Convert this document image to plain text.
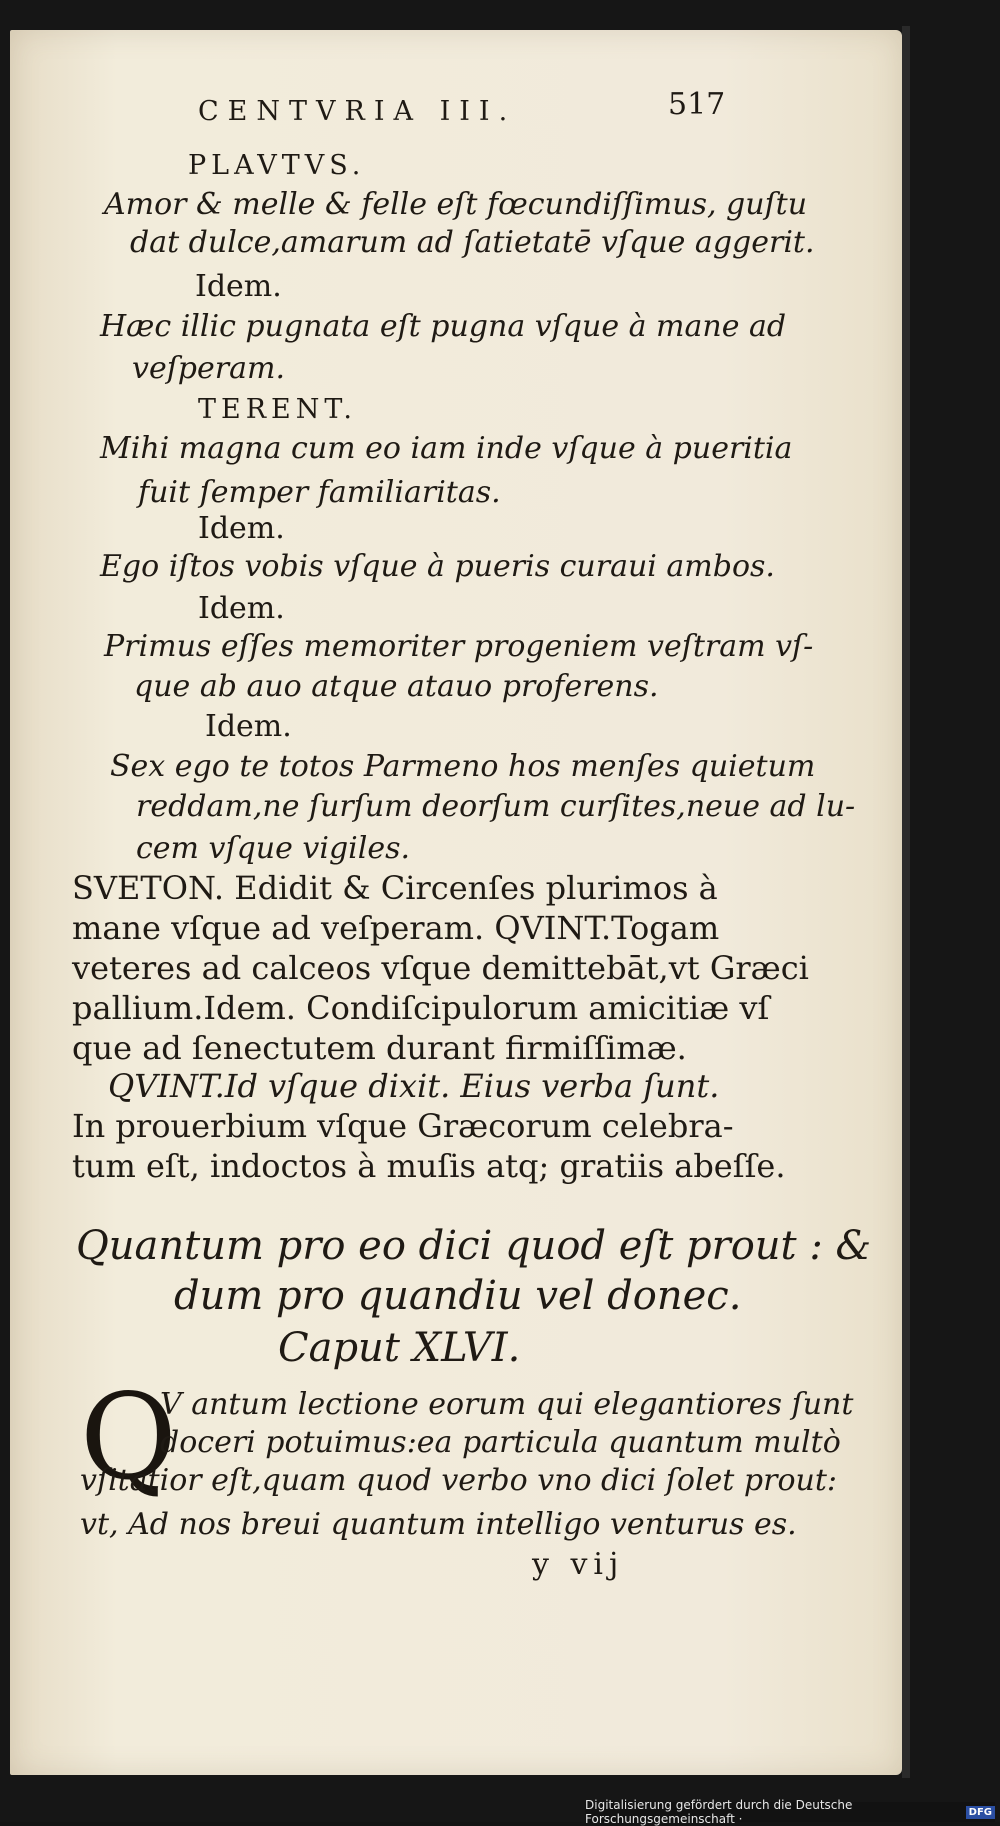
CENTVRIA III.	517
PLAVTVS.
Amor & melle & felle eſt fœcundiſſimus, guſtu
dat dulce,amarum ad ſatietatē vſque aggerit.
Idem.
Hæc illic pugnata eſt pugna vſque à mane ad
veſperam.
TERENT.
Mihi magna cum eo iam inde vſque à pueritia
fuit ſemper familiaritas.
Idem.
Ego iſtos vobis vſque à pueris curaui ambos.
Idem.
Primus eſſes memoriter progeniem veſtram vſ-
que ab auo atque atauo proferens.
Idem.
Sex ego te totos Parmeno hos menſes quietum
reddam,ne ſurſum deorſum curſites,neue ad lu-
cem vſque vigiles.
SVETON. Edidit & Circenſes plurimos à
mane vſque ad veſperam. QVINT.Togam
veteres ad calceos vſque demittebāt,vt Græci
pallium.Idem. Condiſcipulorum amicitiæ vſ
que ad ſenectutem durant firmiſſimæ.
QVINT.Id vſque dixit. Eius verba ſunt.
In prouerbium vſque Græcorum celebra-
tum eſt, indoctos à muſis atq; gratiis abeſſe.
Quantum pro eo dici quod eſt prout : &
dum pro quandiu vel donec.
Caput XLVI.
Q
V antum lectione eorum qui elegantiores ſunt
doceri potuimus:ea particula quantum multò
vſitatior eſt,quam quod verbo vno dici ſolet prout:
vt, Ad nos breui quantum intelligo venturus es.
y vij
Digitalisierung gefördert durch die Deutsche Forschungsgemeinschaft ·	DFG
